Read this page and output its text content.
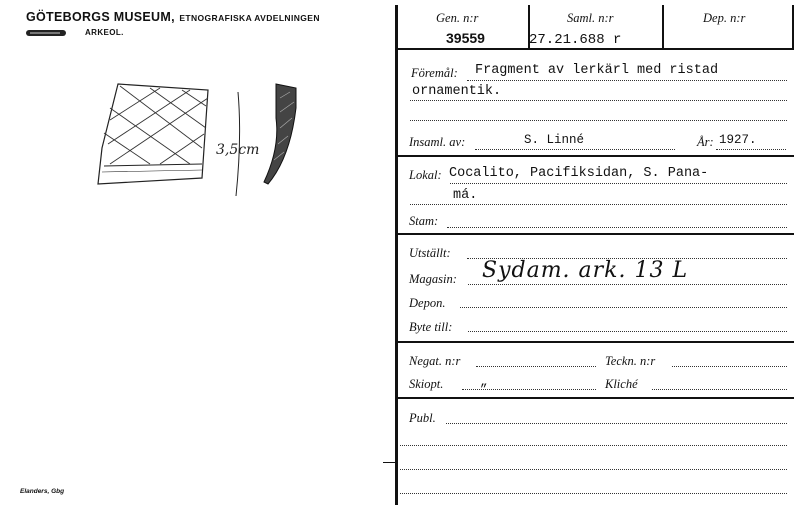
GÖTEBORGS MUSEUM, ETNOGRAFISKA AVDELNINGEN
ARKEOL.
3,5cm
Elanders, Gbg
Gen. n:r
39559
Saml. n:r
27.21.688 r
Dep. n:r
Föremål: Fragment av lerkärl med ristad
ornamentik.
Insaml. av:	S. Linné	År: 1927.
Lokal: Cocalito, Pacifiksidan, S. Pana-
má.
Stam:
Utställt:
Magasin: Sydam. ark. 13 L
Depon.
Byte till:
Negat. n:r	Teckn. n:r
Skiopt.	„	Kliché
Publ.
